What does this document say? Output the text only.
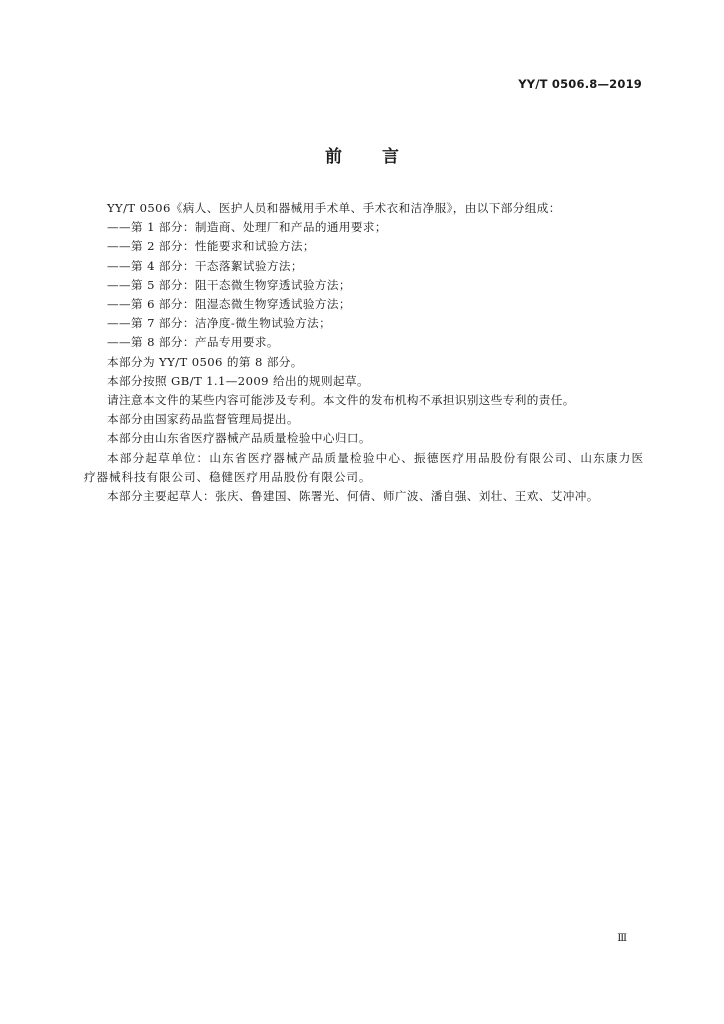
YY/T 0506.8—2019
前言

YY/T 0506《病人、医护人员和器械用手术单、手术衣和洁净服》，由以下部分组成：

——第 1 部分：制造商、处理厂和产品的通用要求；

——第 2 部分：性能要求和试验方法；

——第 4 部分：干态落絮试验方法；

——第 5 部分：阻干态微生物穿透试验方法；

——第 6 部分：阻湿态微生物穿透试验方法；

——第 7 部分：洁净度-微生物试验方法；

——第 8 部分：产品专用要求。

本部分为 YY/T 0506 的第 8 部分。

本部分按照 GB/T 1.1—2009 给出的规则起草。

请注意本文件的某些内容可能涉及专利。本文件的发布机构不承担识别这些专利的责任。

本部分由国家药品监督管理局提出。

本部分由山东省医疗器械产品质量检验中心归口。

本部分起草单位：山东省医疗器械产品质量检验中心、振德医疗用品股份有限公司、山东康力医疗器械科技有限公司、稳健医疗用品股份有限公司。

本部分主要起草人：张庆、鲁建国、陈署光、何倩、师广波、潘自强、刘壮、王欢、艾冲冲。

Ⅲ
